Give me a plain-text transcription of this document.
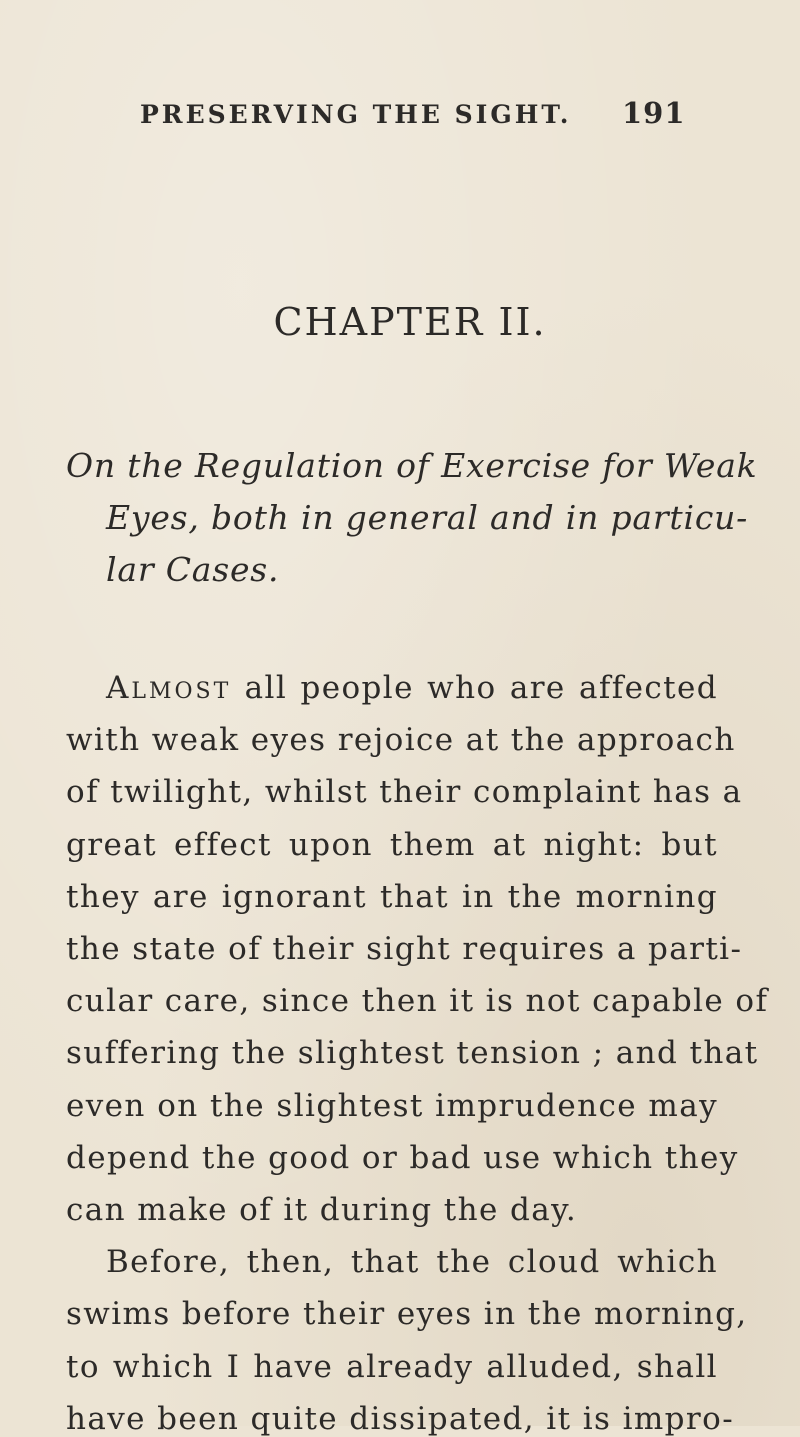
PRESERVING THE SIGHT. 191
CHAPTER II.
On the Regulation of Exercise for Weak
Eyes, both in general and in particu-
lar Cases.
Almost all people who are affected
with weak eyes rejoice at the approach
of twilight, whilst their complaint has a
great effect upon them at night: but
they are ignorant that in the morning
the state of their sight requires a parti-
cular care, since then it is not capable of
suffering the slightest tension ; and that
even on the slightest imprudence may
depend the good or bad use which they
can make of it during the day.
Before, then, that the cloud which
swims before their eyes in the morning,
to which I have already alluded, shall
have been quite dissipated, it is impro-
